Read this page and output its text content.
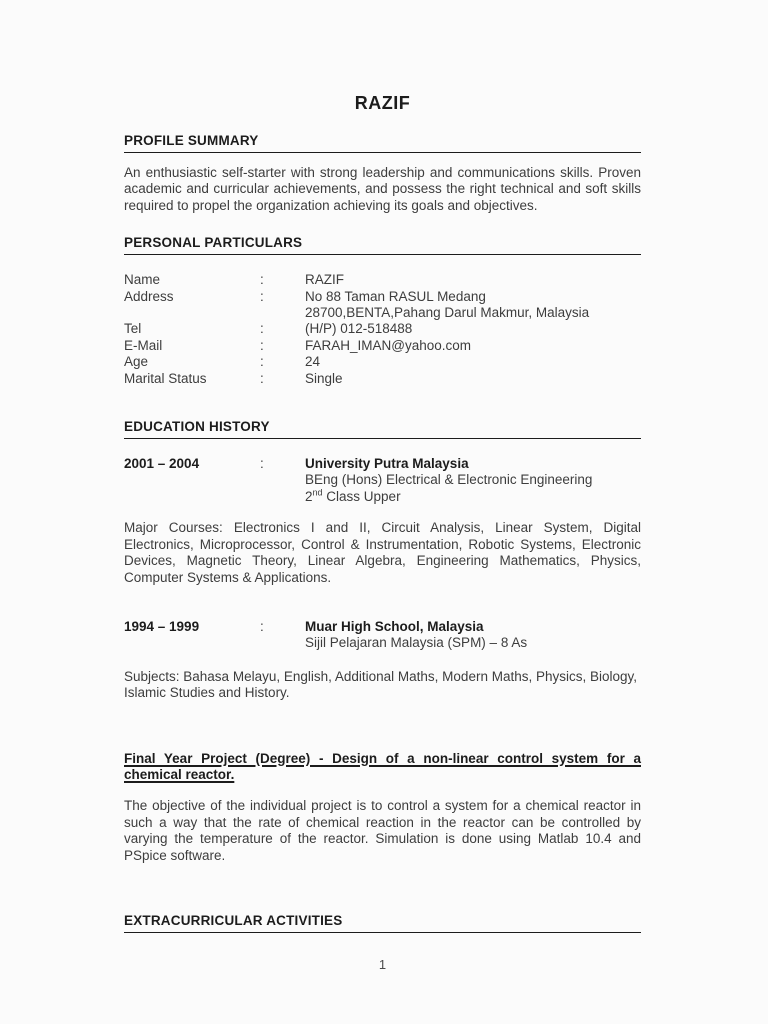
RAZIF
PROFILE SUMMARY

An enthusiastic self-starter with strong leadership and communications skills. Proven academic and curricular achievements, and possess the right technical and soft skills required to propel the organization achieving its goals and objectives.

PERSONAL PARTICULARS
Name	:	RAZIF
Address	:	No 88 Taman RASUL Medang
28700,BENTA,Pahang Darul Makmur, Malaysia
Tel	:	(H/P) 012-518488
E-Mail	:	FARAH_IMAN@yahoo.com
Age	:	24
Marital Status	:	Single
EDUCATION HISTORY
2001 – 2004	:	University Putra Malaysia
BEng (Hons) Electrical & Electronic Engineering
2nd Class Upper

Major Courses: Electronics I and II, Circuit Analysis, Linear System, Digital Electronics, Microprocessor, Control & Instrumentation, Robotic Systems, Electronic Devices, Magnetic Theory, Linear Algebra, Engineering Mathematics, Physics, Computer Systems & Applications.

1994 – 1999	:	Muar High School, Malaysia
Sijil Pelajaran Malaysia (SPM) – 8 As

Subjects: Bahasa Melayu, English, Additional Maths, Modern Maths, Physics, Biology, Islamic Studies and History.

Final Year Project (Degree) - Design of a non-linear control system for a chemical reactor.

The objective of the individual project is to control a system for a chemical reactor in such a way that the rate of chemical reaction in the reactor can be controlled by varying the temperature of the reactor. Simulation is done using Matlab 10.4 and PSpice software.

EXTRACURRICULAR ACTIVITIES
1
